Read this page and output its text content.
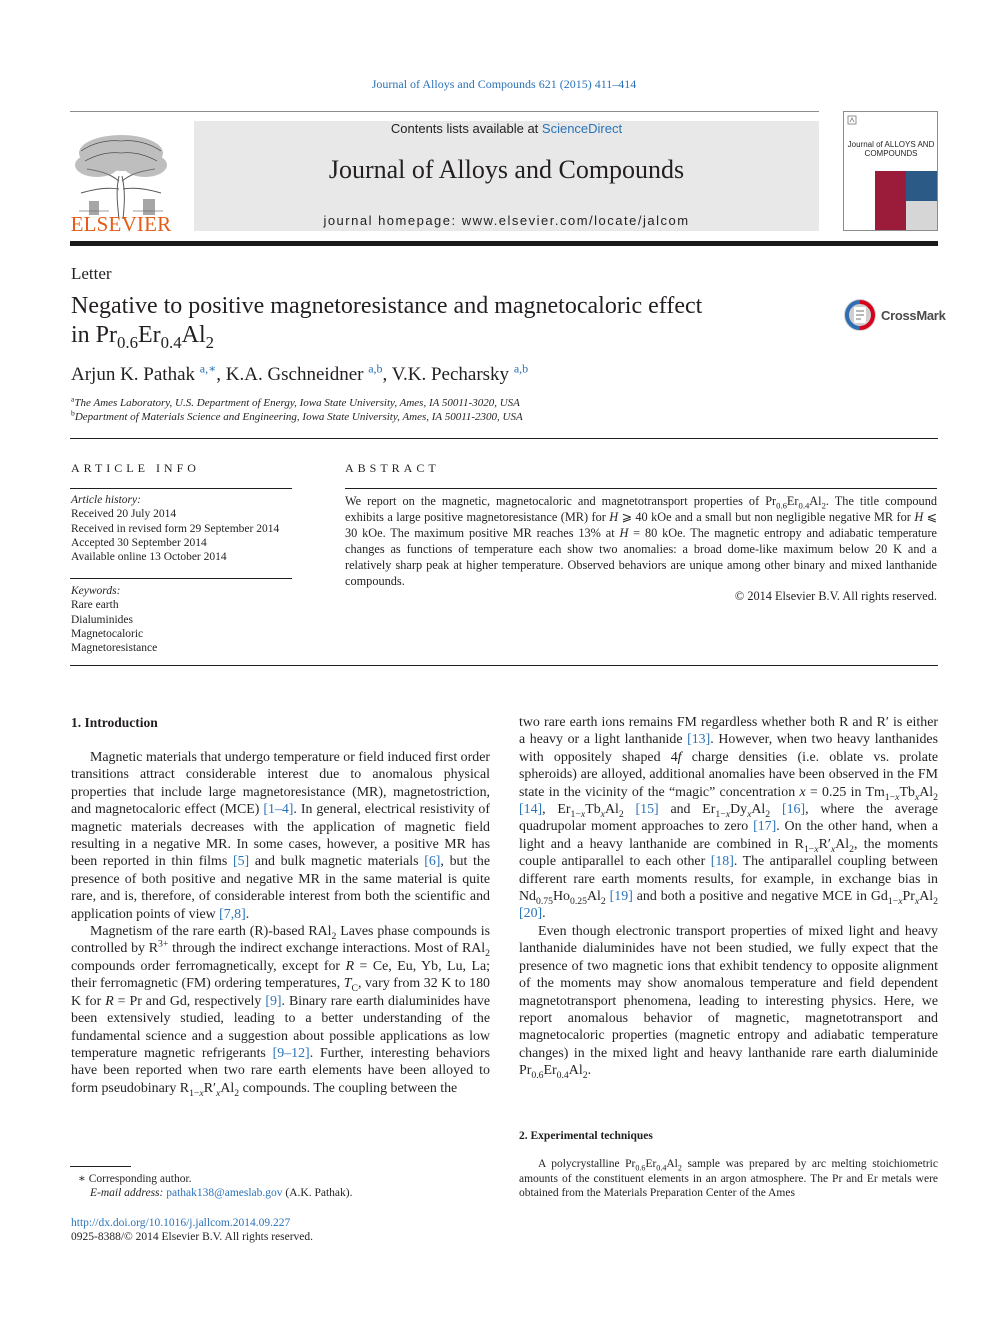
Journal of Alloys and Compounds 621 (2015) 411–414
ELSEVIER
Contents lists available at ScienceDirect
Journal of Alloys and Compounds
journal homepage: www.elsevier.com/locate/jalcom
Journal of ALLOYS AND COMPOUNDS
Letter
Negative to positive magnetoresistance and magnetocaloric effect
in $Pr_{0.6}Er_{0.4}Al_2$
CrossMark
Arjun K. Pathak $^{a,∗}$, K.A. Gschneidner $^{a,b}$, V.K. Pecharsky $^{a,b}$
$^a$The Ames Laboratory, U.S. Department of Energy, Iowa State University, Ames, IA 50011-3020, USA
$^b$Department of Materials Science and Engineering, Iowa State University, Ames, IA 50011-2300, USA
ARTICLE INFO	ABSTRACT
Article history:
Received 20 July 2014
Received in revised form 29 September 2014
Accepted 30 September 2014
Available online 13 October 2014
Keywords:
Rare earth
Dialuminides
Magnetocaloric
Magnetoresistance
We report on the magnetic, magnetocaloric and magnetotransport properties of $Pr_{0.6}Er_{0.4}Al_2$. The title compound exhibits a large positive magnetoresistance (MR) for H ⩾ 40 kOe and a small but non negligible negative MR for H ⩽ 30 kOe. The maximum positive MR reaches 13% at H = 80 kOe. The magnetic entropy and adiabatic temperature changes as functions of temperature each show two anomalies: a broad dome-like maximum below 20 K and a relatively sharp peak at higher temperature. Observed behaviors are unique among other binary and mixed lanthanide compounds.
© 2014 Elsevier B.V. All rights reserved.
1. Introduction

Magnetic materials that undergo temperature or field induced first order transitions attract considerable interest due to anomalous physical properties that include large magnetoresistance (MR), magnetostriction, and magnetocaloric effect (MCE) [1–4]. In general, electrical resistivity of magnetic materials decreases with the application of magnetic field resulting in a negative MR. In some cases, however, a positive MR has been reported in thin films [5] and bulk magnetic materials [6], but the presence of both positive and negative MR in the same material is quite rare, and is, therefore, of considerable interest from both the scientific and application points of view [7,8].

Magnetism of the rare earth (R)-based RAl$_2$ Laves phase compounds is controlled by $R^{3+}$ through the indirect exchange interactions. Most of RAl$_2$ compounds order ferromagnetically, except for R = Ce, Eu, Yb, Lu, La; their ferromagnetic (FM) ordering temperatures, $T_C$, vary from 32 K to 180 K for R = Pr and Gd, respectively [9]. Binary rare earth dialuminides have been extensively studied, leading to a better understanding of the fundamental science and a suggestion about possible applications as low temperature magnetic refrigerants [9–12]. Further, interesting behaviors have been reported when two rare earth elements have been alloyed to form pseudobinary $R_{1-x}R'_xAl_2$ compounds. The coupling between the

two rare earth ions remains FM regardless whether both R and R′ is either a heavy or a light lanthanide [13]. However, when two heavy lanthanides with oppositely shaped 4f charge densities (i.e. oblate vs. prolate spheroids) are alloyed, additional anomalies have been observed in the FM state in the vicinity of the “magic” concentration x = 0.25 in $Tm_{1-x}Tb_xAl_2$ [14], $Er_{1-x}Tb_xAl_2$ [15] and $Er_{1-x}Dy_xAl_2$ [16], where the average quadrupolar moment approaches to zero [17]. On the other hand, when a light and a heavy lanthanide are combined in $R_{1-x}R'_xAl_2$, the moments couple antiparallel to each other [18]. The antiparallel coupling between different rare earth moments results, for example, in exchange bias in $Nd_{0.75}Ho_{0.25}Al_2$ [19] and both a positive and negative MCE in $Gd_{1-x}Pr_xAl_2$ [20].

Even though electronic transport properties of mixed light and heavy lanthanide dialuminides have not been studied, we fully expect that the presence of two magnetic ions that exhibit tendency to opposite alignment of the moments may show anomalous temperature and field dependent magnetotransport phenomena, leading to interesting physics. Here, we report anomalous behavior of magnetic, magnetotransport and magnetocaloric properties (magnetic entropy and adiabatic temperature changes) in the mixed light and heavy lanthanide rare earth dialuminide $Pr_{0.6}Er_{0.4}Al_2$.

2. Experimental techniques
A polycrystalline $Pr_{0.6}Er_{0.4}Al_2$ sample was prepared by arc melting stoichiometric amounts of the constituent elements in an argon atmosphere. The Pr and Er metals were obtained from the Materials Preparation Center of the Ames
∗ Corresponding author.
E-mail address: pathak138@ameslab.gov (A.K. Pathak).
http://dx.doi.org/10.1016/j.jallcom.2014.09.227
0925-8388/© 2014 Elsevier B.V. All rights reserved.
